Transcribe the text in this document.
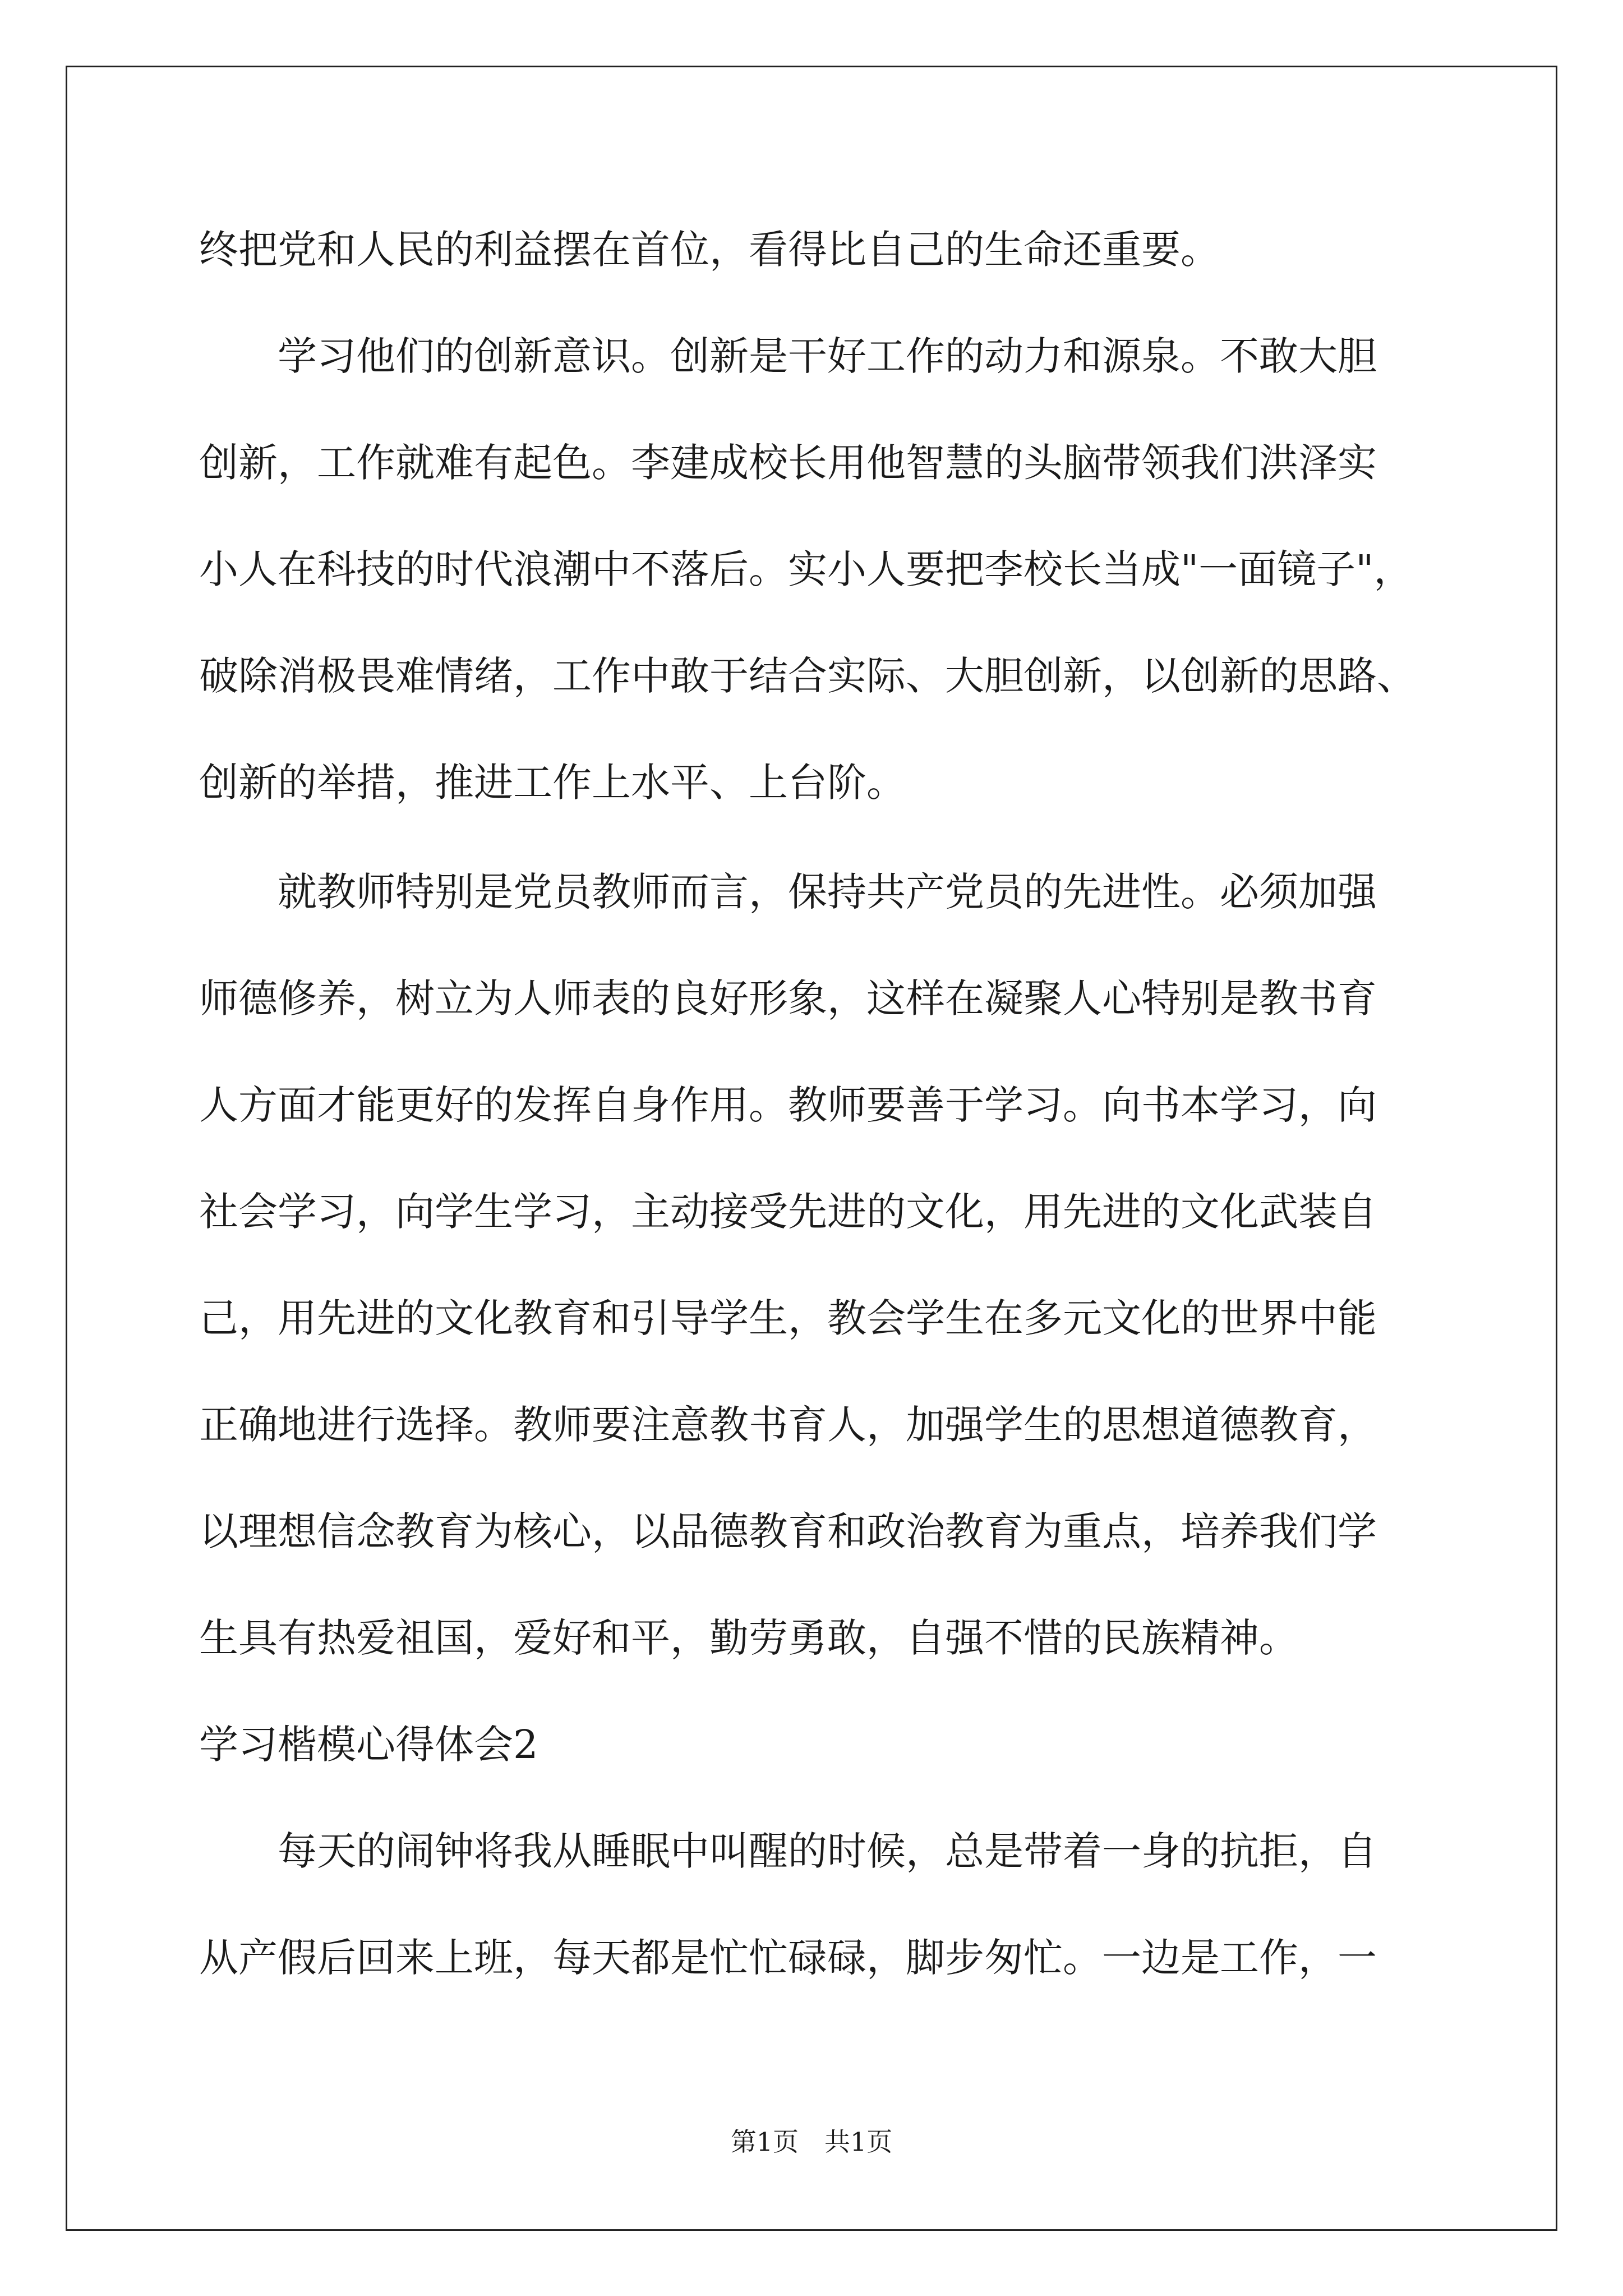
终把党和人民的利益摆在首位，看得比自己的生命还重要。
学习他们的创新意识。创新是干好工作的动力和源泉。不敢大胆
创新，工作就难有起色。李建成校长用他智慧的头脑带领我们洪泽实
小人在科技的时代浪潮中不落后。实小人要把李校长当成"一面镜子"，
破除消极畏难情绪，工作中敢于结合实际、大胆创新，以创新的思路、
创新的举措，推进工作上水平、上台阶。
就教师特别是党员教师而言，保持共产党员的先进性。必须加强
师德修养，树立为人师表的良好形象，这样在凝聚人心特别是教书育
人方面才能更好的发挥自身作用。教师要善于学习。向书本学习，向
社会学习，向学生学习，主动接受先进的文化，用先进的文化武装自
己，用先进的文化教育和引导学生，教会学生在多元文化的世界中能
正确地进行选择。教师要注意教书育人，加强学生的思想道德教育，
以理想信念教育为核心，以品德教育和政治教育为重点，培养我们学
生具有热爱祖国，爱好和平，勤劳勇敢，自强不惜的民族精神。
学习楷模心得体会2
每天的闹钟将我从睡眠中叫醒的时候，总是带着一身的抗拒，自
从产假后回来上班，每天都是忙忙碌碌，脚步匆忙。一边是工作，一
第1页　共1页
